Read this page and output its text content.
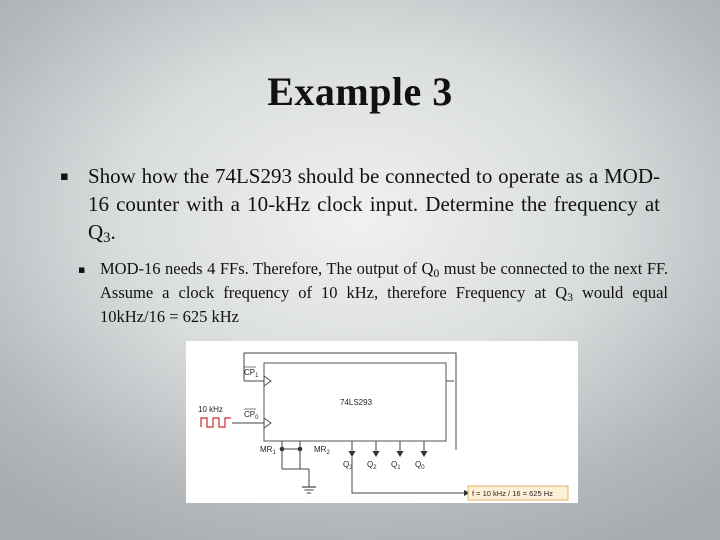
Example 3
▪ Show how the 74LS293 should be connected to operate as a MOD-16 counter with a 10-kHz clock input. Determine the frequency at $Q_3$.
▪ MOD-16 needs 4 FFs. Therefore, The output of $Q_0$ must be connected to the next FF. Assume a clock frequency of 10 kHz, therefore Frequency at $Q_3$ would equal 10kHz/16 = 625 kHz
74LS293
$CP_1$
$CP_0$
10 kHz
$MR_1$	$MR_2$
$Q_3$ $Q_2$ $Q_1$ $Q_0$
f = 10 kHz / 16 = 625 Hz
